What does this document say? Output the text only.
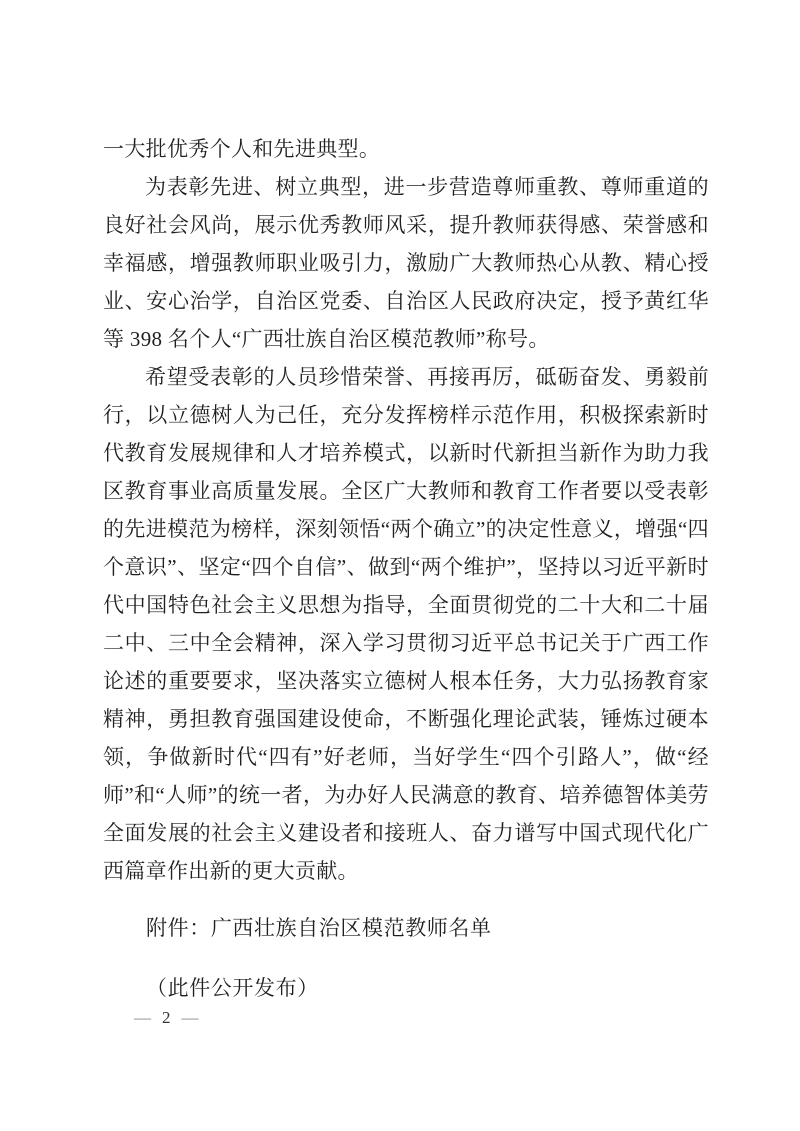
一大批优秀个人和先进典型。

为表彰先进、树立典型，进一步营造尊师重教、尊师重道的良好社会风尚，展示优秀教师风采，提升教师获得感、荣誉感和幸福感，增强教师职业吸引力，激励广大教师热心从教、精心授业、安心治学，自治区党委、自治区人民政府决定，授予黄红华等 398 名个人“广西壮族自治区模范教师”称号。

希望受表彰的人员珍惜荣誉、再接再厉，砥砺奋发、勇毅前行，以立德树人为己任，充分发挥榜样示范作用，积极探索新时代教育发展规律和人才培养模式，以新时代新担当新作为助力我区教育事业高质量发展。全区广大教师和教育工作者要以受表彰的先进模范为榜样，深刻领悟“两个确立”的决定性意义，增强“四个意识”、坚定“四个自信”、做到“两个维护”，坚持以习近平新时代中国特色社会主义思想为指导，全面贯彻党的二十大和二十届二中、三中全会精神，深入学习贯彻习近平总书记关于广西工作论述的重要要求，坚决落实立德树人根本任务，大力弘扬教育家精神，勇担教育强国建设使命，不断强化理论武装，锤炼过硬本领，争做新时代“四有”好老师，当好学生“四个引路人”，做“经师”和“人师”的统一者，为办好人民满意的教育、培养德智体美劳全面发展的社会主义建设者和接班人、奋力谱写中国式现代化广西篇章作出新的更大贡献。

附件：广西壮族自治区模范教师名单
（此件公开发布）
— 2 —
